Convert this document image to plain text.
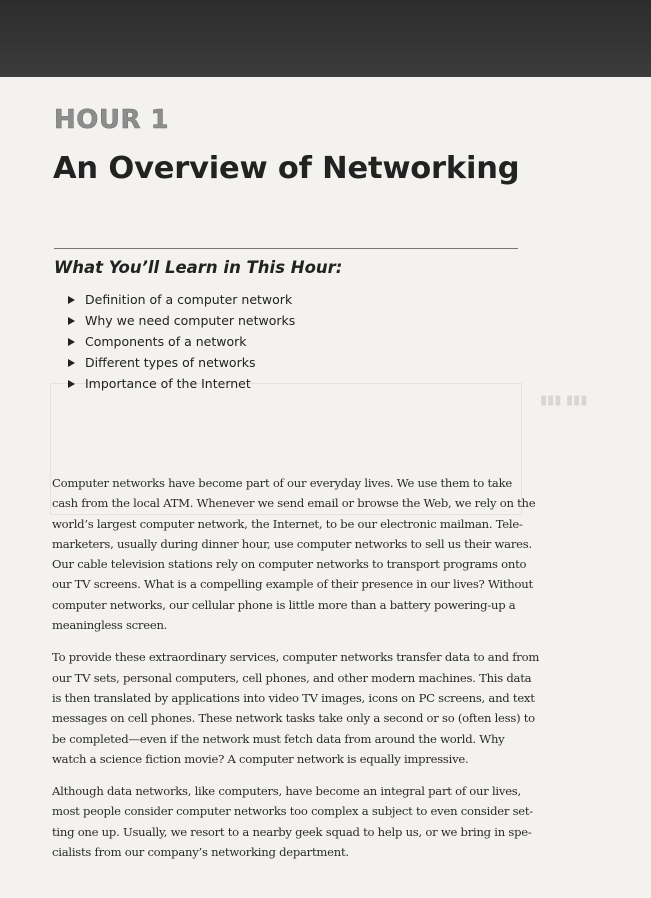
▮▮▮ ▮▮▮
HOUR 1
An Overview of Networking
What You’ll Learn in This Hour:
Definition of a computer network
Why we need computer networks
Components of a network
Different types of networks
Importance of the Internet

Computer networks have become part of our everyday lives. We use them to take
cash from the local ATM. Whenever we send email or browse the Web, we rely on the
world’s largest computer network, the Internet, to be our electronic mailman. Tele-
marketers, usually during dinner hour, use computer networks to sell us their wares.
Our cable television stations rely on computer networks to transport programs onto
our TV screens. What is a compelling example of their presence in our lives? Without
computer networks, our cellular phone is little more than a battery powering-up a
meaningless screen.

To provide these extraordinary services, computer networks transfer data to and from
our TV sets, personal computers, cell phones, and other modern machines. This data
is then translated by applications into video TV images, icons on PC screens, and text
messages on cell phones. These network tasks take only a second or so (often less) to
be completed—even if the network must fetch data from around the world. Why
watch a science fiction movie? A computer network is equally impressive.

Although data networks, like computers, have become an integral part of our lives,
most people consider computer networks too complex a subject to even consider set-
ting one up. Usually, we resort to a nearby geek squad to help us, or we bring in spe-
cialists from our company’s networking department.
